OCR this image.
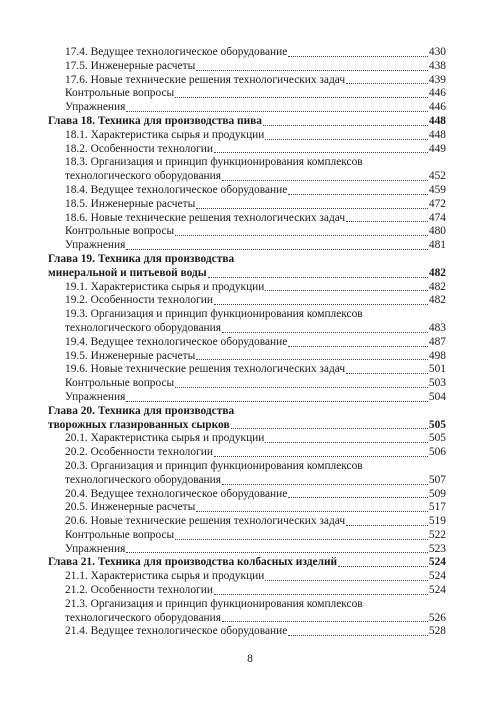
17.4. Ведущее технологическое оборудование	430
17.5. Инженерные расчеты	438
17.6. Новые технические решения технологических задач	439
Контрольные вопросы	446
Упражнения	446
Глава 18. Техника для производства пива	448
18.1. Характеристика сырья и продукции	448
18.2. Особенности технологии	449
18.3. Организация и принцип функционирования комплексов
технологического оборудования	452
18.4. Ведущее технологическое оборудование	459
18.5. Инженерные расчеты	472
18.6. Новые технические решения технологических задач	474
Контрольные вопросы	480
Упражнения	481
Глава 19. Техника для производства
минеральной и питьевой воды	482
19.1. Характеристика сырья и продукции	482
19.2. Особенности технологии	482
19.3. Организация и принцип функционирования комплексов
технологического оборудования	483
19.4. Ведущее технологическое оборудование	487
19.5. Инженерные расчеты	498
19.6. Новые технические решения технологических задач	501
Контрольные вопросы	503
Упражнения	504
Глава 20. Техника для производства
творожных глазированных сырков	505
20.1. Характеристика сырья и продукции	505
20.2. Особенности технологии	506
20.3. Организация и принцип функционирования комплексов
технологического оборудования	507
20.4. Ведущее технологическое оборудование	509
20.5. Инженерные расчеты	517
20.6. Новые технические решения технологических задач	519
Контрольные вопросы	522
Упражнения	523
Глава 21. Техника для производства колбасных изделий	524
21.1. Характеристика сырья и продукции	524
21.2. Особенности технологии	524
21.3. Организация и принцип функционирования комплексов
технологического оборудования	526
21.4. Ведущее технологическое оборудование	528
8
